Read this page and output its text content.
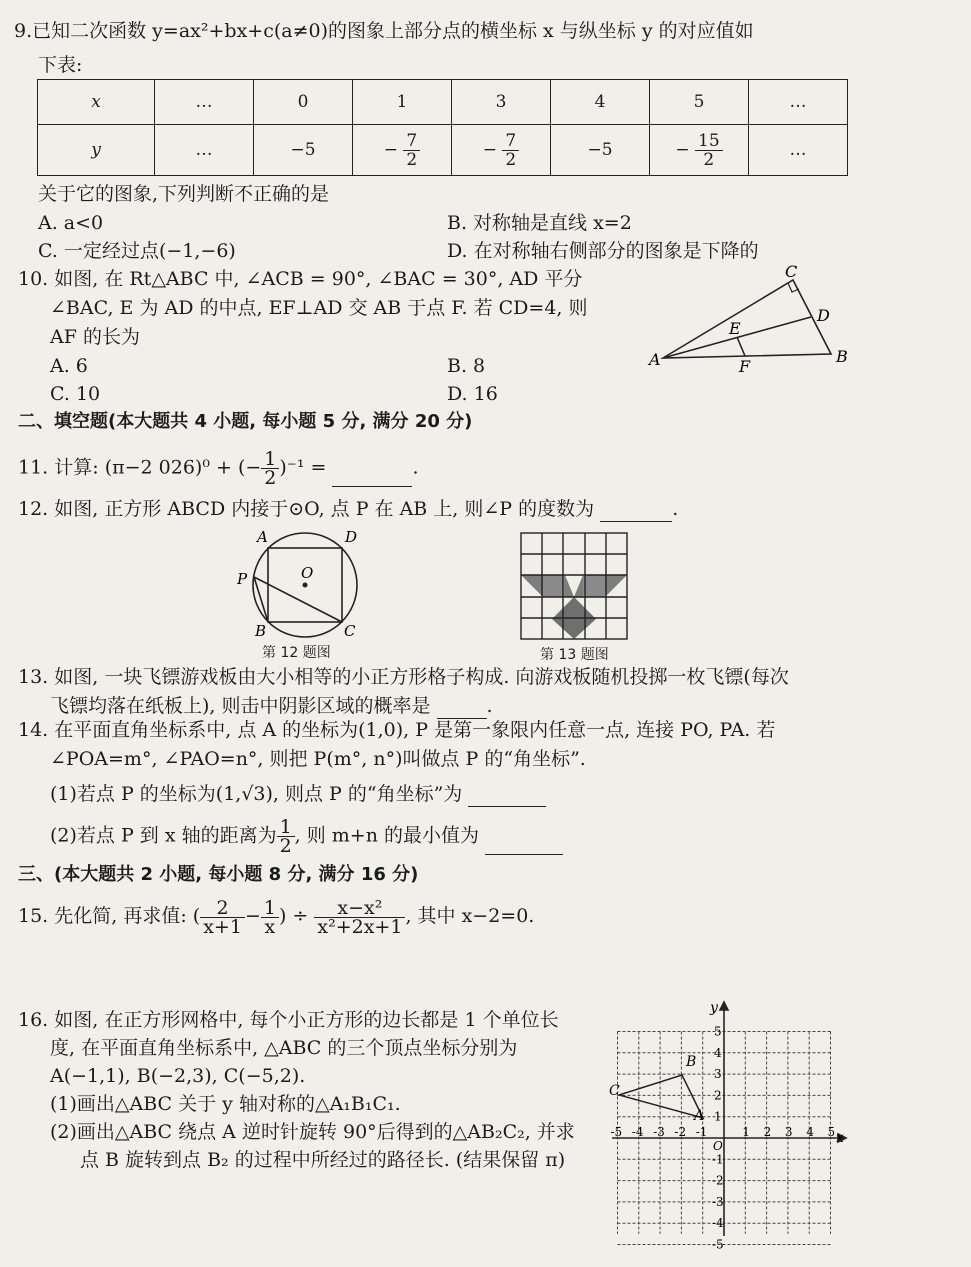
9.已知二次函数 y=ax²+bx+c(a≠0)的图象上部分点的横坐标 x 与纵坐标 y 的对应值如
下表:
x	…	0	1	3	4	5	…
y	…	−5	− $\frac{7}{2}$	− $\frac{7}{2}$	−5	− $\frac{15}{2}$	…
关于它的图象,下列判断不正确的是
A. a<0	B. 对称轴是直线 x=2
C. 一定经过点(−1,−6)	D. 在对称轴右侧部分的图象是下降的
10. 如图, 在 Rt△ABC 中, ∠ACB = 90°, ∠BAC = 30°, AD 平分
∠BAC, E 为 AD 的中点, EF⊥AD 交 AB 于点 F. 若 CD=4, 则
AF 的长为
A. 6	B. 8
C. 10	D. 16
A	B
C
D
E
F
二、填空题(本大题共 4 小题, 每小题 5 分, 满分 20 分)
11. 计算: (π−2 026)⁰ + (− $\frac{1}{2} )^{-1}$ =	.
12. 如图, 正方形 ABCD 内接于⊙O, 点 P 在 AB 上, 则∠P 的度数为	.
A	D
B	C
P	O
第 12 题图	第 13 题图
13. 如图, 一块飞镖游戏板由大小相等的小正方形格子构成. 向游戏板随机投掷一枚飞镖(每次
飞镖均落在纸板上), 则击中阴影区域的概率是	.
14. 在平面直角坐标系中, 点 A 的坐标为(1,0), P 是第一象限内任意一点, 连接 PO, PA. 若
∠POA=m°, ∠PAO=n°, 则把 P(m°, n°)叫做点 P 的“角坐标”.
(1)若点 P 的坐标为(1,√3), 则点 P 的“角坐标”为
(2)若点 P 到 x 轴的距离为 $\frac{1}{2}$ , 则 m+n 的最小值为
三、(本大题共 2 小题, 每小题 8 分, 满分 16 分)
15. 先化简, 再求值: ( $\frac{2}{x+1} - \frac{1}{x}$ ) ÷ $\frac{\text{x−x²}}{\text{x²+2x+1}}$ , 其中 x−2=0.
16. 如图, 在正方形网格中, 每个小正方形的边长都是 1 个单位长
度, 在平面直角坐标系中, △ABC 的三个顶点坐标分别为
A(−1,1), B(−2,3), C(−5,2).
(1)画出△ABC 关于 y 轴对称的△A₁B₁C₁.
(2)画出△ABC 绕点 A 逆时针旋转 90°后得到的△AB₂C₂, 并求
点 B 旋转到点 B₂ 的过程中所经过的路径长. (结果保留 π)
x
y
O
-5 -4 -3 -2 -1	1 2 3 4 5
5
4
3
2
1
-1
-2
-3
-4
-5
A
B
C
